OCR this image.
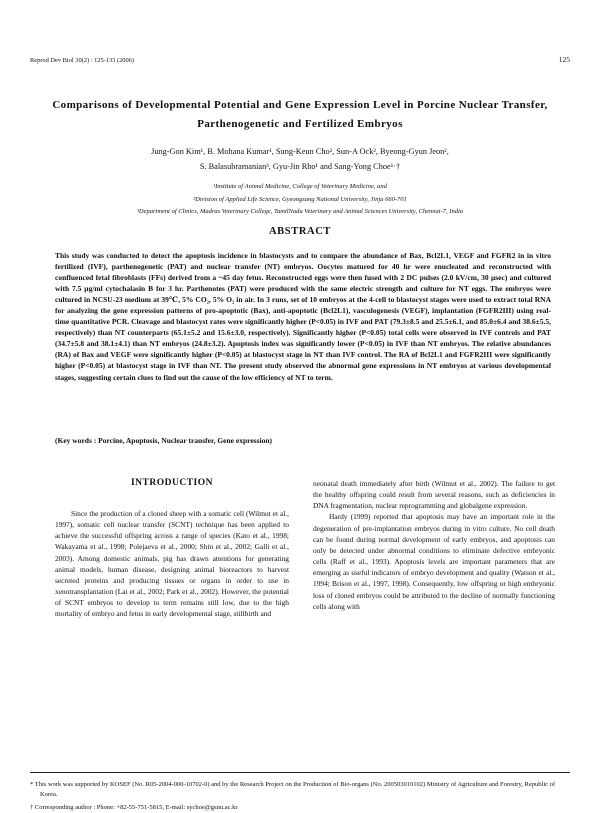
Reprod Dev Biol 30(2) : 125-133 (2006)	125
Comparisons of Developmental Potential and Gene Expression Level in Porcine Nuclear Transfer, Parthenogenetic and Fertilized Embryos
Jung-Gon Kim¹, B. Mohana Kumar¹, Sung-Keun Cho², Sun-A Ock², Byeong-Gyun Jeon²,
S. Balasubramanian³, Gyu-Jin Rho¹ and Sang-Yong Choe¹·†
¹Institute of Animal Medicine, College of Veterinary Medicine, and
²Division of Applied Life Science, Gyeongsang National University, Jinju 660-701
³Department of Clinics, Madras Veterinary College, TamilNadu Veterinary and Animal Sciences University, Chennai-7, India
ABSTRACT
This study was conducted to detect the apoptosis incidence in blastocysts and to compare the abundance of Bax, Bcl2L1, VEGF and FGFR2 in in vitro fertilized (IVF), parthenogenetic (PAT) and nuclear transfer (NT) embryos. Oocytes matured for 40 hr were enucleated and reconstructed with confluenced fetal fibroblasts (FFs) derived from a ~45 day fetus. Reconstructed eggs were then fused with 2 DC pulses (2.0 kV/cm, 30 μsec) and cultured with 7.5 μg/ml cytochalasin B for 3 hr. Parthenotes (PAT) were produced with the same electric strength and culture for NT eggs. The embryos were cultured in NCSU-23 medium at 39℃, 5% CO₂, 5% O₂ in air. In 3 runs, set of 10 embryos at the 4-cell to blastocyst stages were used to extract total RNA for analyzing the gene expression patterns of pro-apoptotic (Bax), anti-apoptotic (Bcl2L1), vasculogenesis (VEGF), implantation (FGFR2III) using real-time quantitative PCR. Cleavage and blastocyst rates were significantly higher (P<0.05) in IVF and PAT (79.3±8.5 and 25.5±6.1, and 85.0±6.4 and 38.6±5.5, respectively) than NT counterparts (65.1±5.2 and 15.6±3.0, respectively). Significantly higher (P<0.05) total cells were observed in IVF controls and PAT (34.7±5.8 and 38.1±4.1) than NT embryos (24.8±3.2). Apoptosis index was significantly lower (P<0.05) in IVF than NT embryos. The relative abundances (RA) of Bax and VEGF were significantly higher (P<0.05) at blastocyst stage in NT than IVF control. The RA of Bcl2L1 and FGFR2III were significantly higher (P<0.05) at blastocyst stage in IVF than NT. The present study observed the abnormal gene expressions in NT embryos at various developmental stages, suggesting certain clues to find out the cause of the low efficiency of NT to term.
(Key words : Porcine, Apoptosis, Nuclear transfer, Gene expression)
INTRODUCTION

Since the production of a cloned sheep with a somatic cell (Wilmut et al., 1997), somatic cell nuclear transfer (SCNT) technique has been applied to achieve the successful offspring across a range of species (Kato et al., 1998; Wakayama et al., 1998; Polejaeva et al., 2000; Shin et al., 2002; Galli et al., 2003). Among domestic animals, pig has drawn attentions for generating animal models, human disease, designing animal bioreactors to harvest secreted proteins and producing tissues or organs in order to use in xenotransplantation (Lai et al., 2002; Park et al., 2002). However, the potential of SCNT embryos to develop to term remains still low, due to the high mortality of embryo and fetus in early developmental stage, stillbirth and

neonatal death immediately after birth (Wilmut et al., 2002). The failure to get the healthy offspring could result from several reasons, such as deficiencies in DNA fragmentation, nuclear reprogramming and globalgene expression.

Hardy (1999) reported that apoptosis may have an important role in the degeneration of pre-implantation embryos during in vitro culture. No cell death can be found during normal development of early embryos, and apoptosis can only be detected under abnormal conditions to eliminate defective embryonic cells (Raff et al., 1993). Apoptosis levels are important parameters that are emerging as useful indicators of embryo development and quality (Watson et al., 1994; Brison et al., 1997, 1998). Consequently, low offspring or high embryonic loss of cloned embryos could be attributed to the decline of normally functioning cells along with

* This work was supported by KOSEF (No. R05-2004-000-10702-0) and by the Research Project on the Production of Bio-organs (No. 200503010102) Ministry of Agriculture and Forestry, Republic of Korea.

† Corresponding author : Phone: +82-55-751-5815, E-mail: sychoe@gsnu.ac.kr
